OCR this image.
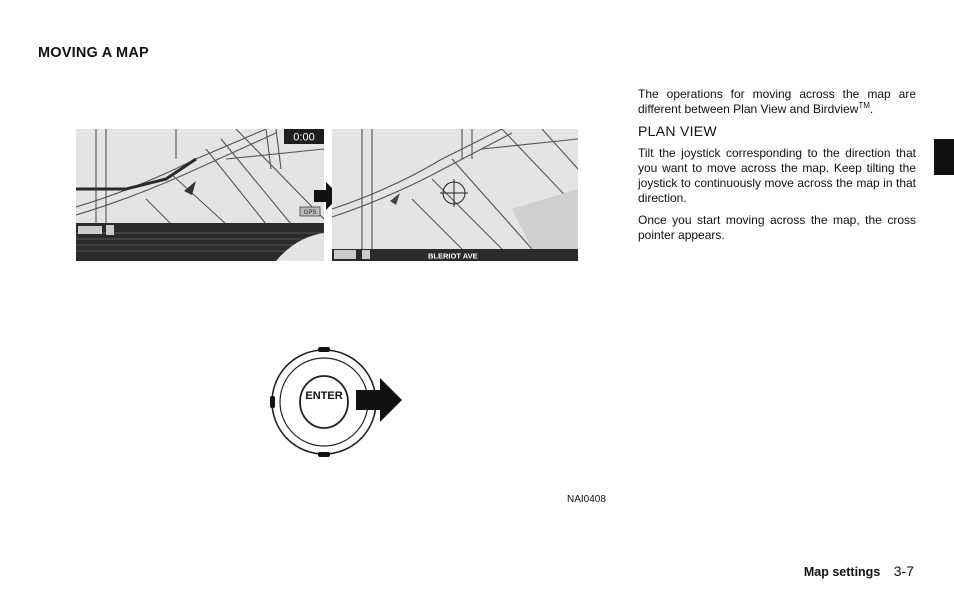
MOVING A MAP
0:00
GPS
BLERIOT AVE
ENTER
NAI0408

The operations for moving across the map are different between Plan View and Birdview™.

PLAN VIEW

Tilt the joystick corresponding to the direction that you want to move across the map. Keep tilting the joystick to continuously move across the map in that direction.

Once you start moving across the map, the cross pointer appears.

Map settings 3-7
